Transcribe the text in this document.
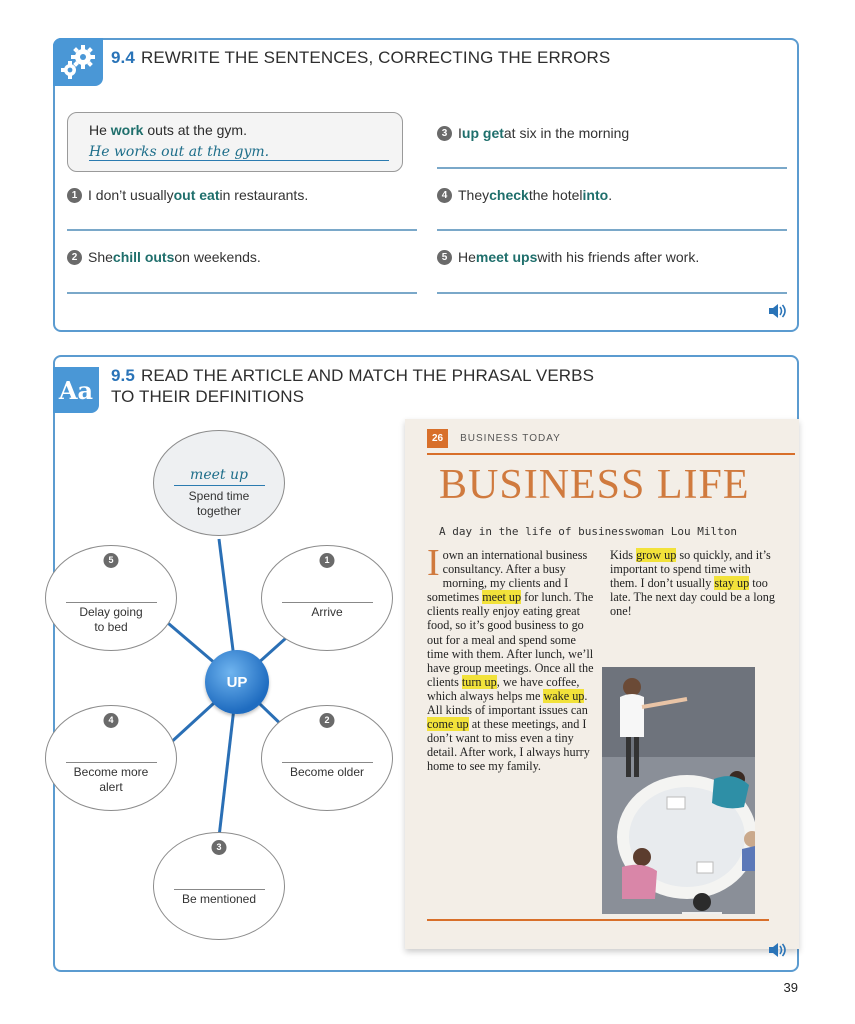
9.4 REWRITE THE SENTENCES, CORRECTING THE ERRORS
He work outs at the gym.
He works out at the gym.
1 I don’t usually out
eat in restaurants.
2 She chill
outs on weekends.
3 I up
get at six in the morning
4 They check the hotel into .
5 He meet
ups with his friends after work.
Aa	9.5 READ THE ARTICLE AND MATCH THE PHRASAL VERBS
TO THEIR DEFINITIONS
meet up
Spend time
together
1
Arrive
2
Become older
3
Be mentioned
4
Become more
alert
5
Delay going
to bed
UP
26	BUSINESS TODAY
BUSINESS LIFE
A day in the life of businesswoman Lou Milton
I own an international business consultancy. After a busy morning, my clients and I sometimes meet up for lunch. The clients really enjoy eating great food, so it’s good business to go out for a meal and spend some time with them. After lunch, we’ll have group meetings. Once all the clients turn up, we have coffee, which always helps me wake up. All kinds of important issues can come up at these meetings, and I don’t want to miss even a tiny detail. After work, I always hurry home to see my family.
Kids grow up so quickly, and it’s important to spend time with them. I don’t usually stay up too late. The next day could be a long one!
39
